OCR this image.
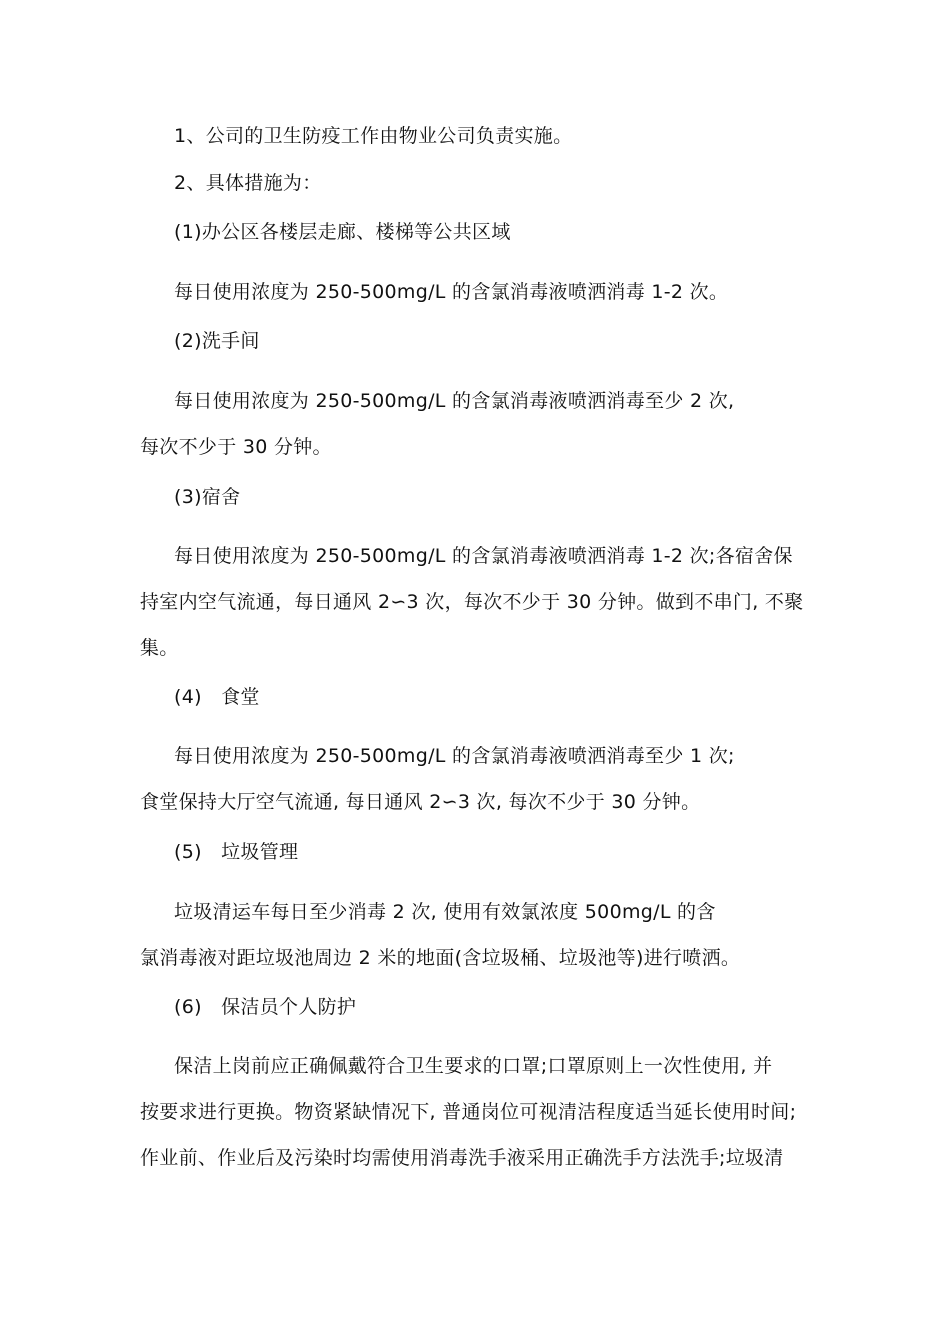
1、公司的卫生防疫工作由物业公司负责实施。
2、具体措施为：
(1)办公区各楼层走廊、楼梯等公共区域
每日使用浓度为 250-500mg/L 的含氯消毒液喷洒消毒 1-2 次。
(2)洗手间
每日使用浓度为 250-500mg/L 的含氯消毒液喷洒消毒至少 2 次,
每次不少于 30 分钟。
(3)宿舍
每日使用浓度为 250-500mg/L 的含氯消毒液喷洒消毒 1-2 次;各宿舍保
持室内空气流通，每日通风 2∽3 次，每次不少于 30 分钟。做到不串门, 不聚
集。
(4)　食堂
每日使用浓度为 250-500mg/L 的含氯消毒液喷洒消毒至少 1 次;
食堂保持大厅空气流通, 每日通风 2∽3 次, 每次不少于 30 分钟。
(5)　垃圾管理
垃圾清运车每日至少消毒 2 次, 使用有效氯浓度 500mg/L 的含
氯消毒液对距垃圾池周边 2 米的地面(含垃圾桶、垃圾池等)进行喷洒。
(6)　保洁员个人防护
保洁上岗前应正确佩戴符合卫生要求的口罩;口罩原则上一次性使用, 并
按要求进行更换。物资紧缺情况下, 普通岗位可视清洁程度适当延长使用时间;
作业前、作业后及污染时均需使用消毒洗手液采用正确洗手方法洗手;垃圾清
